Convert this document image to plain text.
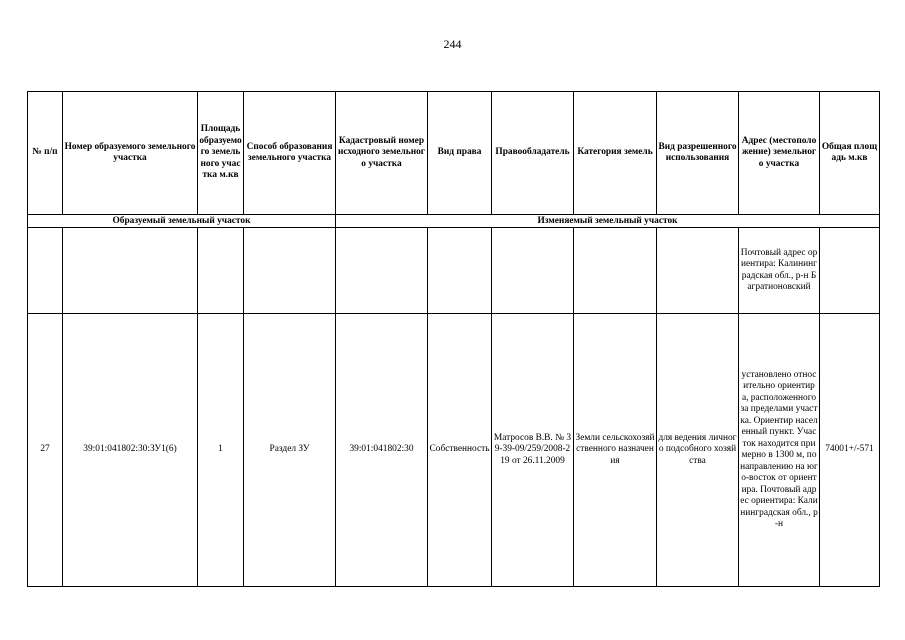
244
№ п/п	Номер образуемого земельного участка	Площадь образуемого земельного участка м.кв	Способ образования земельного участка	Кадастровый номер исходного земельного участка	Вид права	Правообладатель	Категория земель	Вид разрешенного использования	Адрес (местоположение) земельного участка	Общая площадь м.кв
Образуемый земельный участок				Изменяемый земельный участок						
									Почтовый адрес ориентира: Калининградская обл., р-н Багратионовский	
27	39:01:041802:30:ЗУ1(6)	1	Раздел ЗУ	39:01:041802:30	Собственность	Матросов В.В. № 39-39-09/259/2008-219 от 26.11.2009	Земли сельскохозяйственного назначения	для ведения личного подсобного хозяйства	установлено относительно ориентира, расположенного за пределами участка. Ориентир населенный пункт. Участок находится примерно в 1300 м, по направлению на юго-восток от ориентира. Почтовый адрес ориентира: Калининградская обл., р-н	74001+/-571
